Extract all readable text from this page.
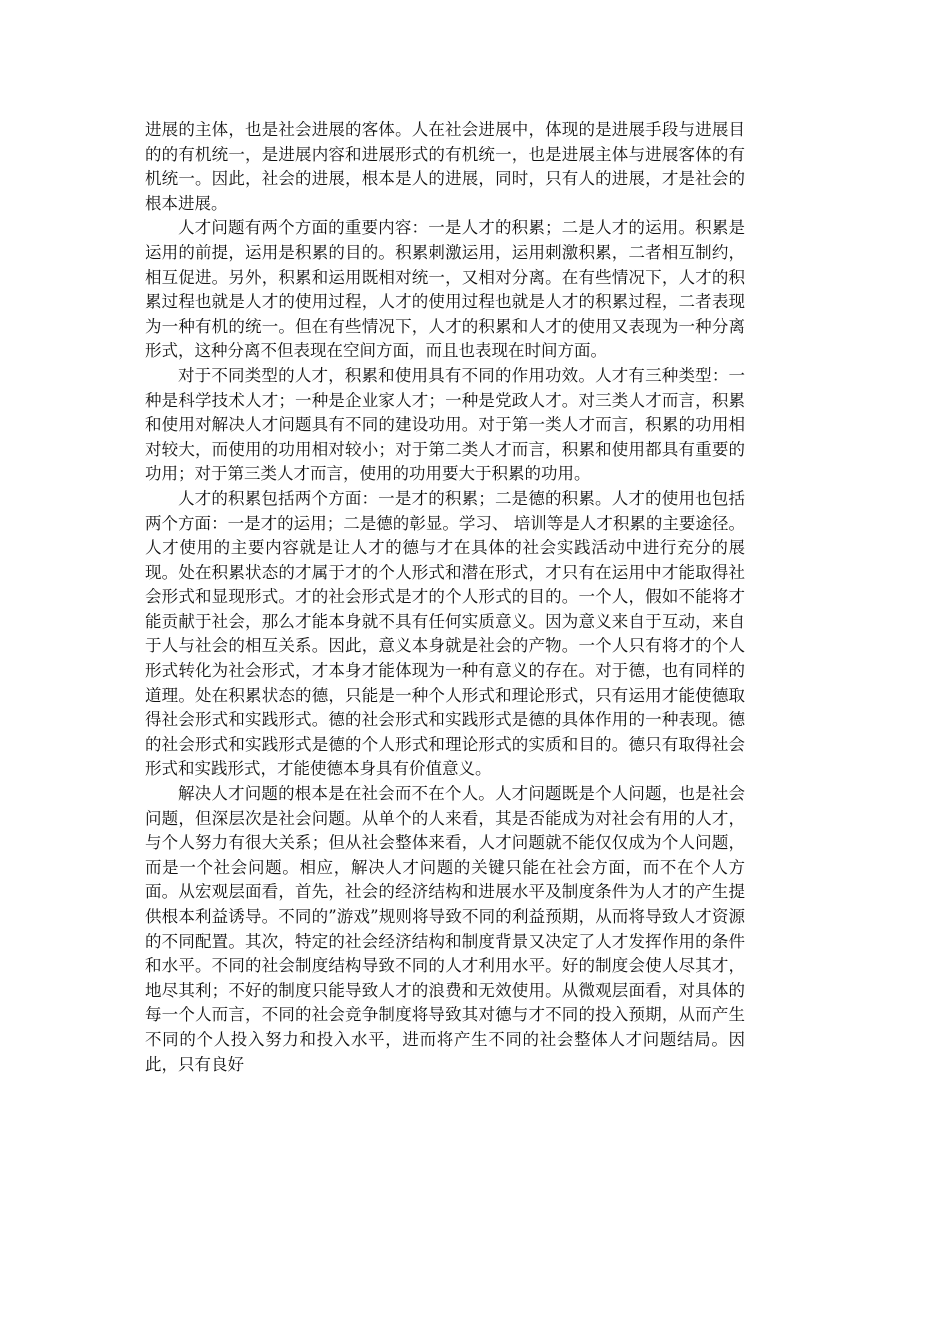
进展的主体，也是社会进展的客体。人在社会进展中，体现的是进展手段与进展目的的有机统一，是进展内容和进展形式的有机统一，也是进展主体与进展客体的有机统一。因此，社会的进展，根本是人的进展，同时，只有人的进展，才是社会的根本进展。

人才问题有两个方面的重要内容：一是人才的积累；二是人才的运用。积累是运用的前提，运用是积累的目的。积累刺激运用，运用刺激积累，二者相互制约，相互促进。另外，积累和运用既相对统一，又相对分离。在有些情况下，人才的积累过程也就是人才的使用过程，人才的使用过程也就是人才的积累过程，二者表现为一种有机的统一。但在有些情况下，人才的积累和人才的使用又表现为一种分离形式，这种分离不但表现在空间方面，而且也表现在时间方面。

对于不同类型的人才，积累和使用具有不同的作用功效。人才有三种类型：一种是科学技术人才；一种是企业家人才；一种是党政人才。对三类人才而言，积累和使用对解决人才问题具有不同的建设功用。对于第一类人才而言，积累的功用相对较大，而使用的功用相对较小；对于第二类人才而言，积累和使用都具有重要的功用；对于第三类人才而言，使用的功用要大于积累的功用。

人才的积累包括两个方面：一是才的积累；二是德的积累。人才的使用也包括两个方面：一是才的运用；二是德的彰显。学习、 培训等是人才积累的主要途径。人才使用的主要内容就是让人才的德与才在具体的社会实践活动中进行充分的展现。处在积累状态的才属于才的个人形式和潜在形式，才只有在运用中才能取得社会形式和显现形式。才的社会形式是才的个人形式的目的。一个人，假如不能将才能贡献于社会，那么才能本身就不具有任何实质意义。因为意义来自于互动，来自于人与社会的相互关系。因此，意义本身就是社会的产物。一个人只有将才的个人形式转化为社会形式，才本身才能体现为一种有意义的存在。对于德，也有同样的道理。处在积累状态的德，只能是一种个人形式和理论形式，只有运用才能使德取得社会形式和实践形式。德的社会形式和实践形式是德的具体作用的一种表现。德的社会形式和实践形式是德的个人形式和理论形式的实质和目的。德只有取得社会形式和实践形式，才能使德本身具有价值意义。

解决人才问题的根本是在社会而不在个人。人才问题既是个人问题，也是社会问题，但深层次是社会问题。从单个的人来看，其是否能成为对社会有用的人才，与个人努力有很大关系；但从社会整体来看，人才问题就不能仅仅成为个人问题，而是一个社会问题。相应，解决人才问题的关键只能在社会方面，而不在个人方面。从宏观层面看，首先，社会的经济结构和进展水平及制度条件为人才的产生提供根本利益诱导。不同的”游戏”规则将导致不同的利益预期，从而将导致人才资源的不同配置。其次，特定的社会经济结构和制度背景又决定了人才发挥作用的条件和水平。不同的社会制度结构导致不同的人才利用水平。好的制度会使人尽其才，地尽其利；不好的制度只能导致人才的浪费和无效使用。从微观层面看，对具体的每一个人而言，不同的社会竞争制度将导致其对德与才不同的投入预期，从而产生不同的个人投入努力和投入水平，进而将产生不同的社会整体人才问题结局。因此，只有良好
